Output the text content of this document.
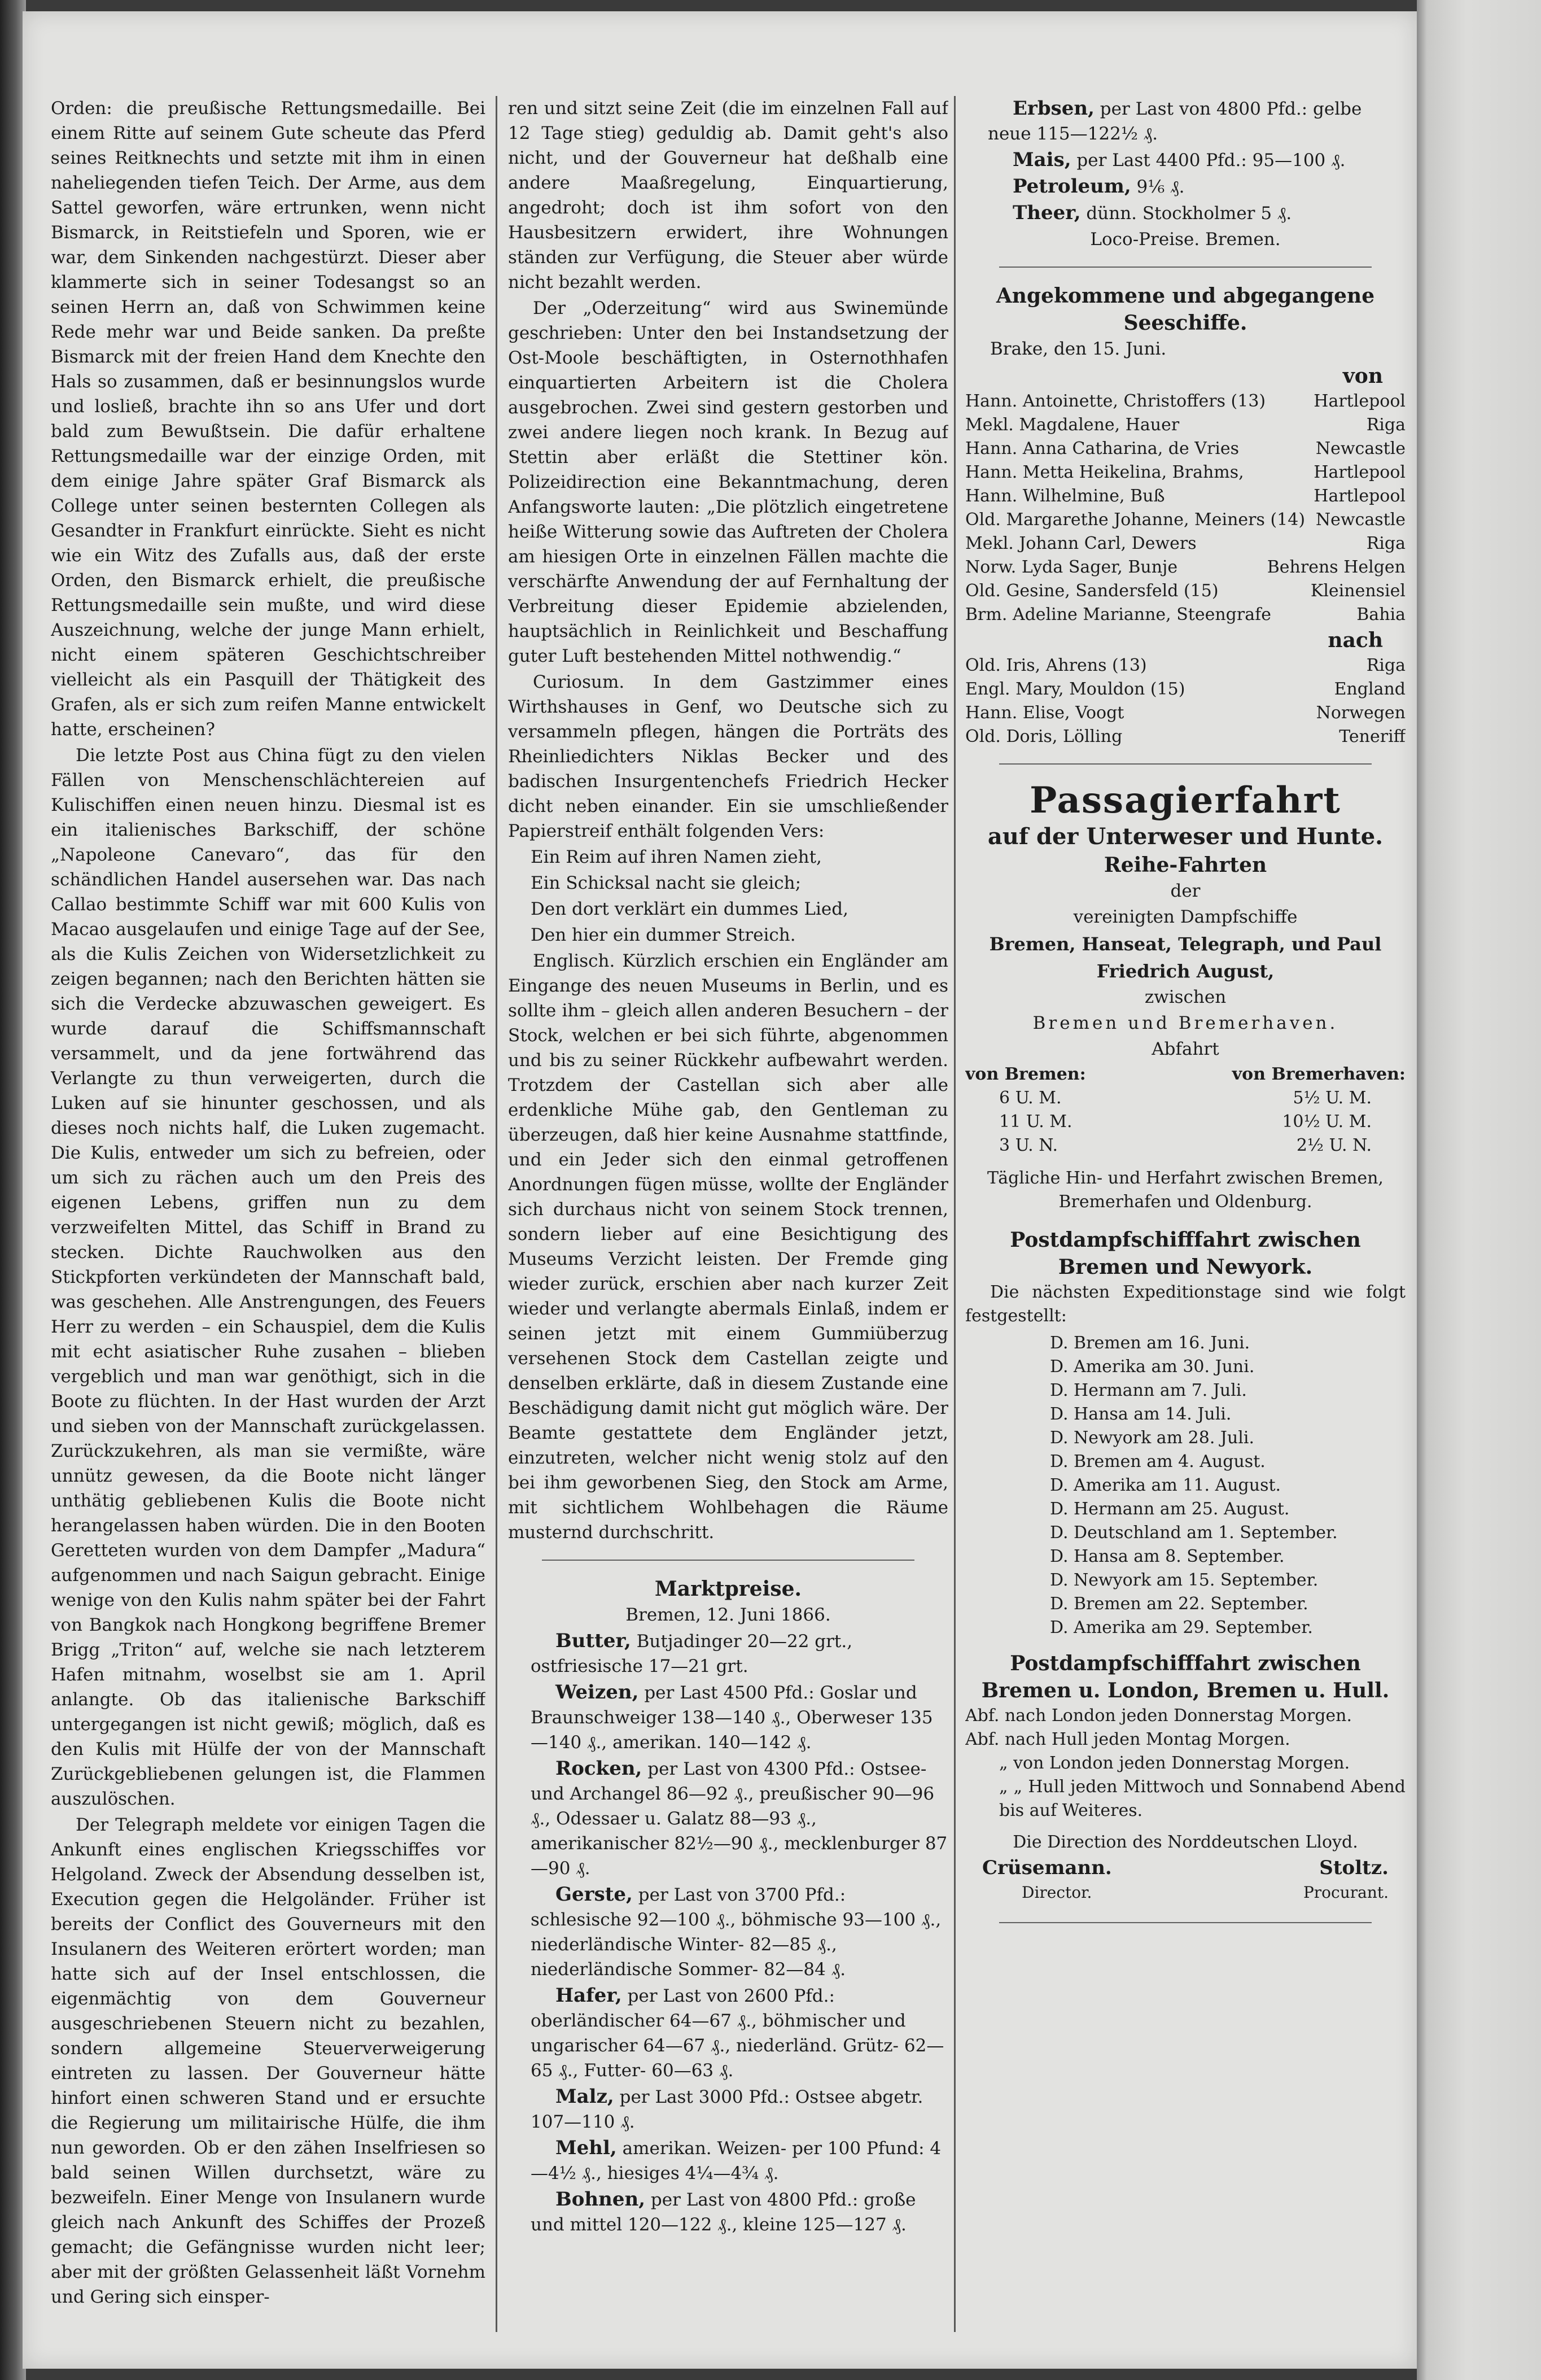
Orden: die preußische Rettungsmedaille. Bei einem Ritte auf seinem Gute scheute das Pferd seines Reitknechts und setzte mit ihm in einen naheliegenden tiefen Teich. Der Arme, aus dem Sattel geworfen, wäre ertrunken, wenn nicht Bismarck, in Reitstiefeln und Sporen, wie er war, dem Sinkenden nachgestürzt. Dieser aber klammerte sich in seiner Todesangst so an seinen Herrn an, daß von Schwimmen keine Rede mehr war und Beide sanken. Da preßte Bismarck mit der freien Hand dem Knechte den Hals so zusammen, daß er besinnungslos wurde und losließ, brachte ihn so ans Ufer und dort bald zum Bewußtsein. Die dafür erhaltene Rettungsmedaille war der einzige Orden, mit dem einige Jahre später Graf Bismarck als College unter seinen besternten Collegen als Gesandter in Frankfurt einrückte. Sieht es nicht wie ein Witz des Zufalls aus, daß der erste Orden, den Bismarck erhielt, die preußische Rettungsmedaille sein mußte, und wird diese Auszeichnung, welche der junge Mann erhielt, nicht einem späteren Geschichtschreiber vielleicht als ein Pasquill der Thätigkeit des Grafen, als er sich zum reifen Manne entwickelt hatte, erscheinen?

Die letzte Post aus China fügt zu den vielen Fällen von Menschenschlächtereien auf Kulischiffen einen neuen hinzu. Diesmal ist es ein italienisches Barkschiff, der schöne „Napoleone Canevaro“, das für den schändlichen Handel ausersehen war. Das nach Callao bestimmte Schiff war mit 600 Kulis von Macao ausgelaufen und einige Tage auf der See, als die Kulis Zeichen von Widersetzlichkeit zu zeigen begannen; nach den Berichten hätten sie sich die Verdecke abzuwaschen geweigert. Es wurde darauf die Schiffsmannschaft versammelt, und da jene fortwährend das Verlangte zu thun verweigerten, durch die Luken auf sie hinunter geschossen, und als dieses noch nichts half, die Luken zugemacht. Die Kulis, entweder um sich zu befreien, oder um sich zu rächen auch um den Preis des eigenen Lebens, griffen nun zu dem verzweifelten Mittel, das Schiff in Brand zu stecken. Dichte Rauchwolken aus den Stickpforten verkündeten der Mannschaft bald, was geschehen. Alle Anstrengungen, des Feuers Herr zu werden – ein Schauspiel, dem die Kulis mit echt asiatischer Ruhe zusahen – blieben vergeblich und man war genöthigt, sich in die Boote zu flüchten. In der Hast wurden der Arzt und sieben von der Mannschaft zurückgelassen. Zurückzukehren, als man sie vermißte, wäre unnütz gewesen, da die Boote nicht länger unthätig gebliebenen Kulis die Boote nicht herangelassen haben würden. Die in den Booten Geretteten wurden von dem Dampfer „Madura“ aufgenommen und nach Saigun gebracht. Einige wenige von den Kulis nahm später bei der Fahrt von Bangkok nach Hongkong begriffene Bremer Brigg „Triton“ auf, welche sie nach letzterem Hafen mitnahm, woselbst sie am 1. April anlangte. Ob das italienische Barkschiff untergegangen ist nicht gewiß; möglich, daß es den Kulis mit Hülfe der von der Mannschaft Zurückgebliebenen gelungen ist, die Flammen auszulöschen.

Der Telegraph meldete vor einigen Tagen die Ankunft eines englischen Kriegsschiffes vor Helgoland. Zweck der Absendung desselben ist, Execution gegen die Helgoländer. Früher ist bereits der Conflict des Gouverneurs mit den Insulanern des Weiteren erörtert worden; man hatte sich auf der Insel entschlossen, die eigenmächtig von dem Gouverneur ausgeschriebenen Steuern nicht zu bezahlen, sondern allgemeine Steuerverweigerung eintreten zu lassen. Der Gouverneur hätte hinfort einen schweren Stand und er ersuchte die Regierung um militairische Hülfe, die ihm nun geworden. Ob er den zähen Inselfriesen so bald seinen Willen durchsetzt, wäre zu bezweifeln. Einer Menge von Insulanern wurde gleich nach Ankunft des Schiffes der Prozeß gemacht; die Gefängnisse wurden nicht leer; aber mit der größten Gelassenheit läßt Vornehm und Gering sich einsper-

ren und sitzt seine Zeit (die im einzelnen Fall auf 12 Tage stieg) geduldig ab. Damit geht's also nicht, und der Gouverneur hat deßhalb eine andere Maaßregelung, Einquartierung, angedroht; doch ist ihm sofort von den Hausbesitzern erwidert, ihre Wohnungen ständen zur Verfügung, die Steuer aber würde nicht bezahlt werden.

Der „Oderzeitung“ wird aus Swinemünde geschrieben: Unter den bei Instandsetzung der Ost-Moole beschäftigten, in Osternothhafen einquartierten Arbeitern ist die Cholera ausgebrochen. Zwei sind gestern gestorben und zwei andere liegen noch krank. In Bezug auf Stettin aber erläßt die Stettiner kön. Polizeidirection eine Bekanntmachung, deren Anfangsworte lauten: „Die plötzlich eingetretene heiße Witterung sowie das Auftreten der Cholera am hiesigen Orte in einzelnen Fällen machte die verschärfte Anwendung der auf Fernhaltung der Verbreitung dieser Epidemie abzielenden, hauptsächlich in Reinlichkeit und Beschaffung guter Luft bestehenden Mittel nothwendig.“

Curiosum. In dem Gastzimmer eines Wirthshauses in Genf, wo Deutsche sich zu versammeln pflegen, hängen die Porträts des Rheinliedichters Niklas Becker und des badischen Insurgentenchefs Friedrich Hecker dicht neben einander. Ein sie umschließender Papierstreif enthält folgenden Vers:

Ein Reim auf ihren Namen zieht,

Ein Schicksal nacht sie gleich;

Den dort verklärt ein dummes Lied,

Den hier ein dummer Streich.

Englisch. Kürzlich erschien ein Engländer am Eingange des neuen Museums in Berlin, und es sollte ihm – gleich allen anderen Besuchern – der Stock, welchen er bei sich führte, abgenommen und bis zu seiner Rückkehr aufbewahrt werden. Trotzdem der Castellan sich aber alle erdenkliche Mühe gab, den Gentleman zu überzeugen, daß hier keine Ausnahme stattfinde, und ein Jeder sich den einmal getroffenen Anordnungen fügen müsse, wollte der Engländer sich durchaus nicht von seinem Stock trennen, sondern lieber auf eine Besichtigung des Museums Verzicht leisten. Der Fremde ging wieder zurück, erschien aber nach kurzer Zeit wieder und verlangte abermals Einlaß, indem er seinen jetzt mit einem Gummiüberzug versehenen Stock dem Castellan zeigte und denselben erklärte, daß in diesem Zustande eine Beschädigung damit nicht gut möglich wäre. Der Beamte gestattete dem Engländer jetzt, einzutreten, welcher nicht wenig stolz auf den bei ihm geworbenen Sieg, den Stock am Arme, mit sichtlichem Wohlbehagen die Räume musternd durchschritt.

Marktpreise.

Bremen, 12. Juni 1866.

Butter, Butjadinger 20—22 grt., ostfriesische 17—21 grt.

Weizen, per Last 4500 Pfd.: Goslar und Braunschweiger 138—140 ₰., Oberweser 135—140 ₰., amerikan. 140—142 ₰.

Rocken, per Last von 4300 Pfd.: Ostsee- und Archangel 86—92 ₰., preußischer 90—96 ₰., Odessaer u. Galatz 88—93 ₰., amerikanischer 82½—90 ₰., mecklenburger 87—90 ₰.

Gerste, per Last von 3700 Pfd.: schlesische 92—100 ₰., böhmische 93—100 ₰., niederländische Winter- 82—85 ₰., niederländische Sommer- 82—84 ₰.

Hafer, per Last von 2600 Pfd.: oberländischer 64—67 ₰., böhmischer und ungarischer 64—67 ₰., niederländ. Grütz- 62—65 ₰., Futter- 60—63 ₰.

Malz, per Last 3000 Pfd.: Ostsee abgetr. 107—110 ₰.

Mehl, amerikan. Weizen- per 100 Pfund: 4—4½ ₰., hiesiges 4¼—4¾ ₰.

Bohnen, per Last von 4800 Pfd.: große und mittel 120—122 ₰., kleine 125—127 ₰.

Erbsen, per Last von 4800 Pfd.: gelbe neue 115—122½ ₰.

Mais, per Last 4400 Pfd.: 95—100 ₰.

Petroleum, 9⅙ ₰.

Theer, dünn. Stockholmer 5 ₰.

Loco-Preise. Bremen.

Angekommene und abgegangene Seeschiffe.

Brake, den 15. Juni.

von
Hann. Antoinette, Christoffers (13)	Hartlepool
Mekl. Magdalene, Hauer	Riga
Hann. Anna Catharina, de Vries	Newcastle
Hann. Metta Heikelina, Brahms,	Hartlepool
Hann. Wilhelmine, Buß	Hartlepool
Old. Margarethe Johanne, Meiners (14) Newcastle
Mekl. Johann Carl, Dewers	Riga
Norw. Lyda Sager, Bunje	Behrens Helgen
Old. Gesine, Sandersfeld (15)	Kleinensiel
Brm. Adeline Marianne, Steengrafe	Bahia
nach
Old. Iris, Ahrens (13)	Riga
Engl. Mary, Mouldon (15)	England
Hann. Elise, Voogt	Norwegen
Old. Doris, Lölling	Teneriff
Passagierfahrt
auf der Unterweser und Hunte.
Reihe-Fahrten

der

vereinigten Dampfschiffe

Bremen, Hanseat, Telegraph, und Paul Friedrich August,

zwischen

Bremen und Bremerhaven.

Abfahrt

von Bremen:	von Bremerhaven:
6 U. M.	5½ U. M.
11 U. M.	10½ U. M.
3 U. N.	2½ U. N.

Tägliche Hin- und Herfahrt zwischen Bremen, Bremerhafen und Oldenburg.

Postdampfschifffahrt zwischen Bremen und Newyork.

Die nächsten Expeditionstage sind wie folgt festgestellt:

D. Bremen am 16. Juni.
D. Amerika am 30. Juni.
D. Hermann am 7. Juli.
D. Hansa am 14. Juli.
D. Newyork am 28. Juli.
D. Bremen am 4. August.
D. Amerika am 11. August.
D. Hermann am 25. August.
D. Deutschland am 1. September.
D. Hansa am 8. September.
D. Newyork am 15. September.
D. Bremen am 22. September.
D. Amerika am 29. September.
Postdampfschifffahrt zwischen Bremen u. London, Bremen u. Hull.
Abf. nach London jeden Donnerstag Morgen.
Abf. nach Hull jeden Montag Morgen.
„ von London jeden Donnerstag Morgen.
„ „ Hull jeden Mittwoch und Sonnabend Abend bis auf Weiteres.

Die Direction des Norddeutschen Lloyd.

Crüsemann.	Stoltz.
Director.	Procurant.
